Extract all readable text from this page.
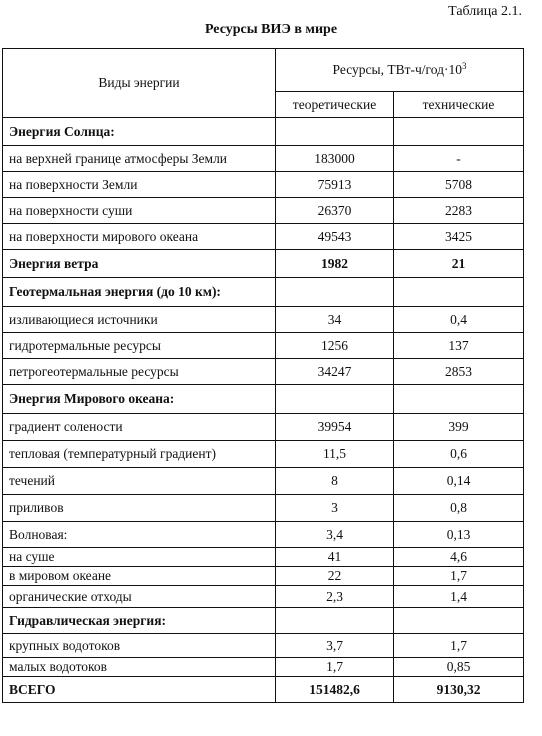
Таблица 2.1.
Ресурсы ВИЭ в мире
Виды энергии	Ресурсы, ТВт-$ч/год\cdot 10^3$
	теоретические	технические
Энергия Солнца:		
на верхней границе атмосферы Земли	183000	-
на поверхности Земли	75913	5708
на поверхности суши	26370	2283
на поверхности мирового океана	49543	3425
Энергия ветра	1982	21
Геотермальная энергия (до 10 км):		
изливающиеся источники	34	0,4
гидротермальные ресурсы	1256	137
петрогеотермальные ресурсы	34247	2853
Энергия Мирового океана:		
градиент солености	39954	399
тепловая (температурный градиент)	11,5	0,6
течений	8	0,14
приливов	3	0,8
Волновая:	3,4	0,13
на суше	41	4,6
в мировом океане	22	1,7
органические отходы	2,3	1,4
Гидравлическая энергия:		
крупных водотоков	3,7	1,7
малых водотоков	1,7	0,85
ВСЕГО	151482,6	9130,32
